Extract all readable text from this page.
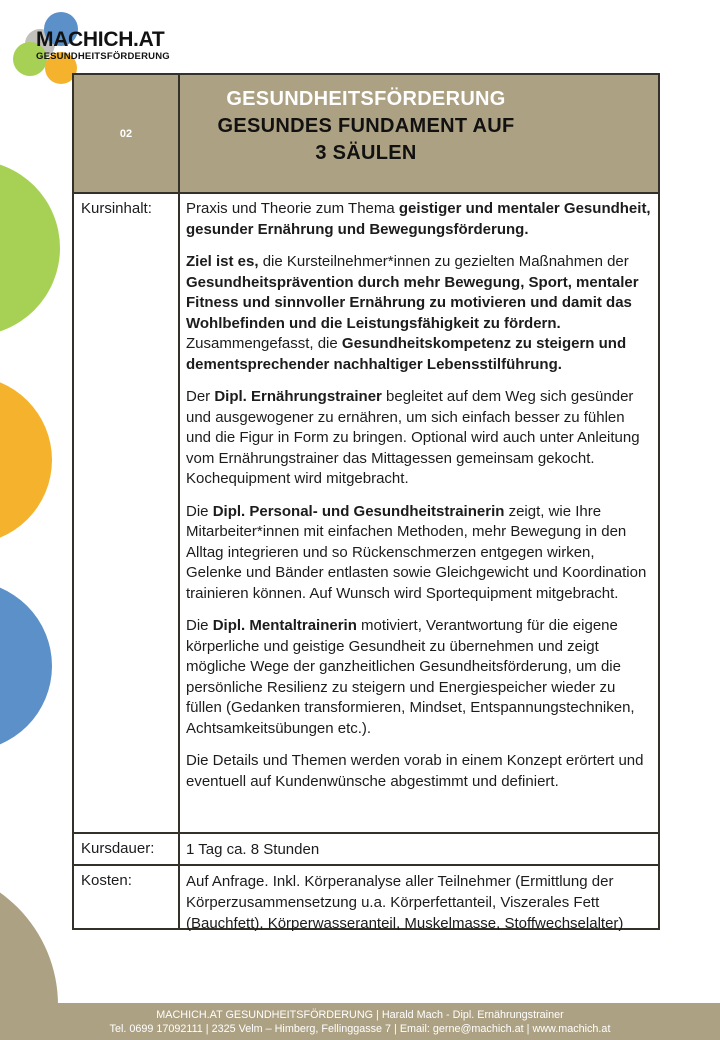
MACHICH.AT
GESUNDHEITSFÖRDERUNG
02
GESUNDHEITSFÖRDERUNG
GESUNDES FUNDAMENT AUF
3 SÄULEN
Kursinhalt:	Praxis und Theorie zum Thema geistiger und mentaler Gesundheit, gesunder Ernährung und Bewegungsförderung.
Ziel ist es, die Kursteilnehmer*innen zu gezielten Maßnahmen der Gesundheitsprävention durch mehr Bewegung, Sport, mentaler Fitness und sinnvoller Ernährung zu motivieren und damit das Wohlbefinden und die Leistungsfähigkeit zu fördern.
Zusammengefasst, die Gesundheitskompetenz zu steigern und dementsprechender nachhaltiger Lebensstilführung.
Der Dipl. Ernährungstrainer begleitet auf dem Weg sich gesünder und ausgewogener zu ernähren, um sich einfach besser zu fühlen und die Figur in Form zu bringen. Optional wird auch unter Anleitung vom Ernährungstrainer das Mittagessen gemeinsam gekocht. Kochequipment wird mitgebracht.
Die Dipl. Personal- und Gesundheitstrainerin zeigt, wie Ihre Mitarbeiter*innen mit einfachen Methoden, mehr Bewegung in den Alltag integrieren und so Rückenschmerzen entgegen wirken, Gelenke und Bänder entlasten sowie Gleichgewicht und Koordination trainieren können. Auf Wunsch wird Sportequipment mitgebracht.
Die Dipl. Mentaltrainerin motiviert, Verantwortung für die eigene körperliche und geistige Gesundheit zu übernehmen und zeigt mögliche Wege der ganzheitlichen Gesundheitsförderung, um die persönliche Resilienz zu steigern und Energiespeicher wieder zu füllen (Gedanken transformieren, Mindset, Entspannungstechniken, Achtsamkeitsübungen etc.).
Die Details und Themen werden vorab in einem Konzept erörtert und eventuell auf Kundenwünsche abgestimmt und definiert.
Kursdauer:	1 Tag ca. 8 Stunden
Kosten:	Auf Anfrage. Inkl. Körperanalyse aller Teilnehmer (Ermittlung der Körperzusammensetzung u.a. Körperfettanteil, Viszerales Fett (Bauchfett), Körperwasseranteil, Muskelmasse, Stoffwechselalter)
MACHICH.AT GESUNDHEITSFÖRDERUNG | Harald Mach - Dipl. Ernährungstrainer
Tel. 0699 17092111 | 2325 Velm – Himberg, Fellinggasse 7 | Email: gerne@machich.at | www.machich.at
